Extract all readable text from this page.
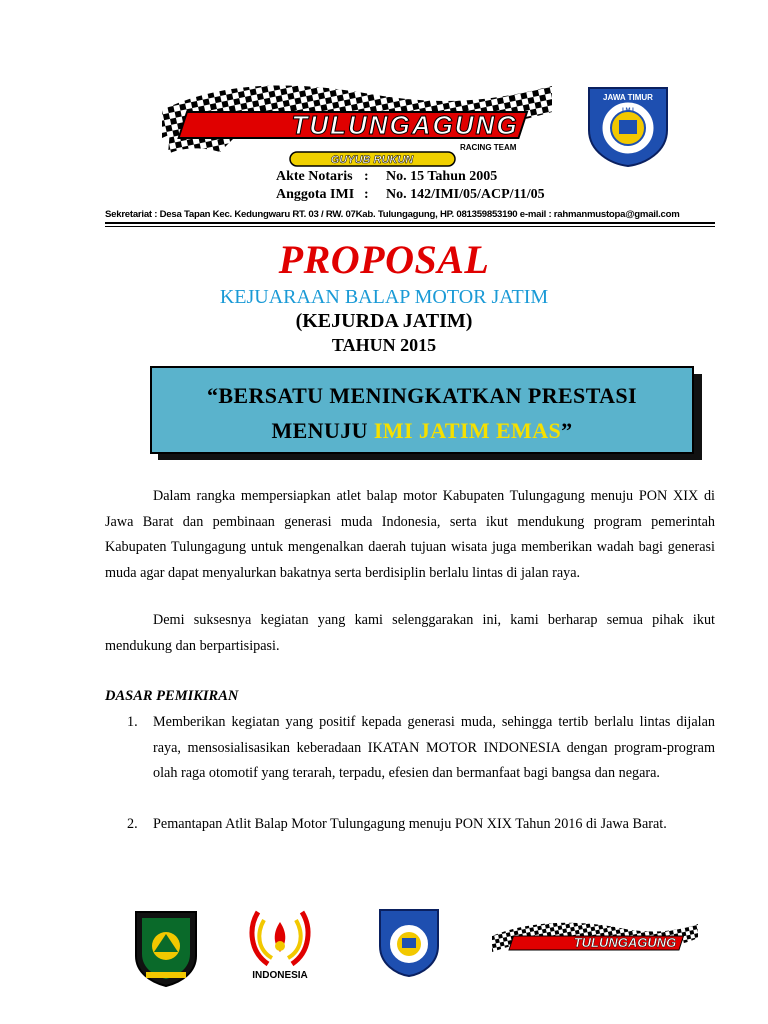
TULUNGAGUNG
RACING TEAM
GUYUB RUKUN
JAWA TIMUR
I M I
Akte Notaris : No. 15 Tahun 2005
Anggota IMI : No. 142/IMI/05/ACP/11/05
Sekretariat : Desa Tapan Kec. Kedungwaru RT. 03 / RW. 07Kab. Tulungagung, HP. 081359853190 e-mail : rahmanmustopa@gmail.com
PROPOSAL
KEJUARAAN BALAP MOTOR JATIM
(KEJURDA JATIM)
TAHUN 2015
“BERSATU MENINGKATKAN PRESTASI
MENUJU IMI JATIM EMAS”

Dalam rangka mempersiapkan atlet balap motor Kabupaten Tulungagung menuju PON XIX di Jawa Barat dan pembinaan generasi muda Indonesia, serta ikut mendukung program pemerintah Kabupaten Tulungagung untuk mengenalkan daerah tujuan wisata juga memberikan wadah bagi generasi muda agar dapat menyalurkan bakatnya serta berdisiplin berlalu lintas di jalan raya.

Demi suksesnya kegiatan yang kami selenggarakan ini, kami berharap semua pihak ikut mendukung dan berpartisipasi.

DASAR PEMIKIRAN
1. Memberikan kegiatan yang positif kepada generasi muda, sehingga tertib berlalu lintas dijalan raya, mensosialisasikan keberadaan IKATAN MOTOR INDONESIA dengan program-program olah raga otomotif yang terarah, terpadu, efesien dan bermanfaat bagi bangsa dan negara.
2. Pemantapan Atlit Balap Motor Tulungagung menuju PON XIX Tahun 2016 di Jawa Barat.
INDONESIA
TULUNGAGUNG
